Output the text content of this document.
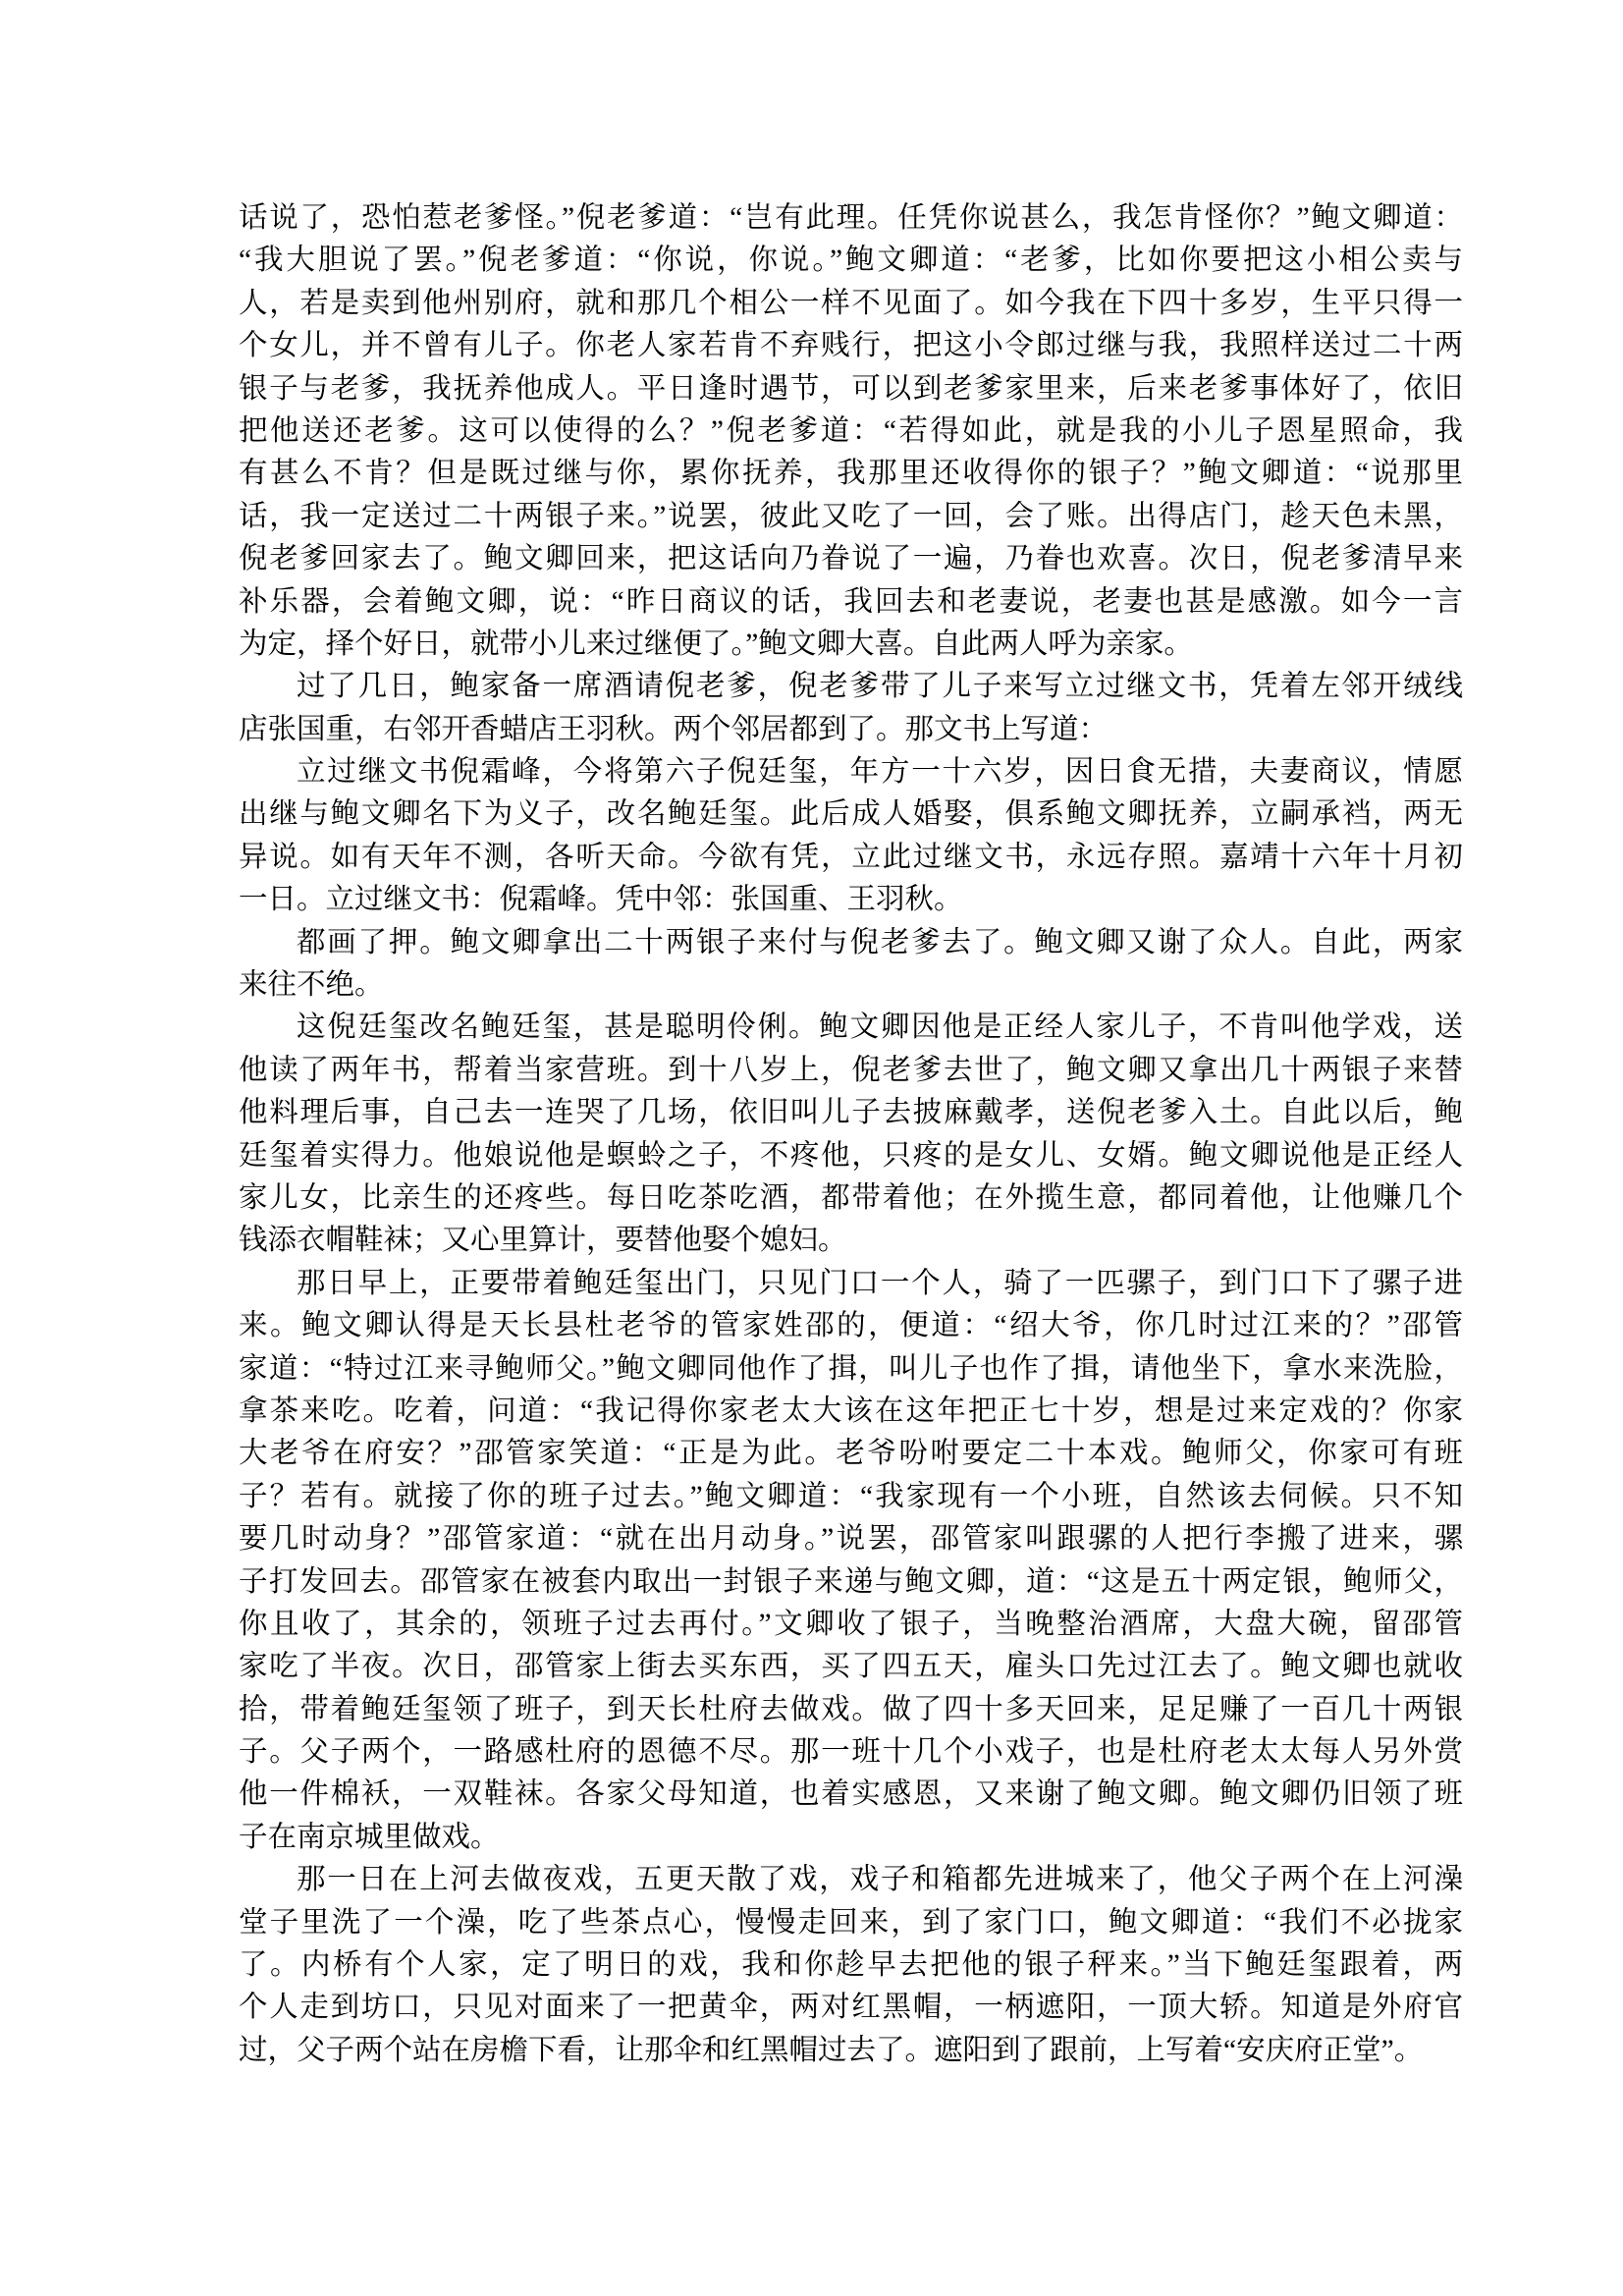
话说了，恐怕惹老爹怪。”倪老爹道：“岂有此理。任凭你说甚么，我怎肯怪你？”鲍文卿道：
“我大胆说了罢。”倪老爹道：“你说，你说。”鲍文卿道：“老爹，比如你要把这小相公卖与
人，若是卖到他州别府，就和那几个相公一样不见面了。如今我在下四十多岁，生平只得一
个女儿，并不曾有儿子。你老人家若肯不弃贱行，把这小令郎过继与我，我照样送过二十两
银子与老爹，我抚养他成人。平日逢时遇节，可以到老爹家里来，后来老爹事体好了，依旧
把他送还老爹。这可以使得的么？”倪老爹道：“若得如此，就是我的小儿子恩星照命，我
有甚么不肯？但是既过继与你，累你抚养，我那里还收得你的银子？”鲍文卿道：“说那里
话，我一定送过二十两银子来。”说罢，彼此又吃了一回，会了账。出得店门，趁天色未黑，
倪老爹回家去了。鲍文卿回来，把这话向乃眷说了一遍，乃眷也欢喜。次日，倪老爹清早来
补乐器，会着鲍文卿，说：“昨日商议的话，我回去和老妻说，老妻也甚是感激。如今一言
为定，择个好日，就带小儿来过继便了。”鲍文卿大喜。自此两人呼为亲家。
过了几日，鲍家备一席酒请倪老爹，倪老爹带了儿子来写立过继文书，凭着左邻开绒线
店张国重，右邻开香蜡店王羽秋。两个邻居都到了。那文书上写道：
立过继文书倪霜峰，今将第六子倪廷玺，年方一十六岁，因日食无措，夫妻商议，情愿
出继与鲍文卿名下为义子，改名鲍廷玺。此后成人婚娶，俱系鲍文卿抚养，立嗣承裆，两无
异说。如有天年不测，各听天命。今欲有凭，立此过继文书，永远存照。嘉靖十六年十月初
一日。立过继文书：倪霜峰。凭中邻：张国重、王羽秋。
都画了押。鲍文卿拿出二十两银子来付与倪老爹去了。鲍文卿又谢了众人。自此，两家
来往不绝。
这倪廷玺改名鲍廷玺，甚是聪明伶俐。鲍文卿因他是正经人家儿子，不肯叫他学戏，送
他读了两年书，帮着当家营班。到十八岁上，倪老爹去世了，鲍文卿又拿出几十两银子来替
他料理后事，自己去一连哭了几场，依旧叫儿子去披麻戴孝，送倪老爹入土。自此以后，鲍
廷玺着实得力。他娘说他是螟蛉之子，不疼他，只疼的是女儿、女婿。鲍文卿说他是正经人
家儿女，比亲生的还疼些。每日吃茶吃酒，都带着他；在外揽生意，都同着他，让他赚几个
钱添衣帽鞋袜；又心里算计，要替他娶个媳妇。
那日早上，正要带着鲍廷玺出门，只见门口一个人，骑了一匹骡子，到门口下了骡子进
来。鲍文卿认得是天长县杜老爷的管家姓邵的，便道：“绍大爷，你几时过江来的？”邵管
家道：“特过江来寻鲍师父。”鲍文卿同他作了揖，叫儿子也作了揖，请他坐下，拿水来洗脸，
拿茶来吃。吃着，问道：“我记得你家老太大该在这年把正七十岁，想是过来定戏的？你家
大老爷在府安？”邵管家笑道：“正是为此。老爷吩咐要定二十本戏。鲍师父，你家可有班
子？若有。就接了你的班子过去。”鲍文卿道：“我家现有一个小班，自然该去伺候。只不知
要几时动身？”邵管家道：“就在出月动身。”说罢，邵管家叫跟骡的人把行李搬了进来，骡
子打发回去。邵管家在被套内取出一封银子来递与鲍文卿，道：“这是五十两定银，鲍师父，
你且收了，其余的，领班子过去再付。”文卿收了银子，当晚整治酒席，大盘大碗，留邵管
家吃了半夜。次日，邵管家上街去买东西，买了四五天，雇头口先过江去了。鲍文卿也就收
拾，带着鲍廷玺领了班子，到天长杜府去做戏。做了四十多天回来，足足赚了一百几十两银
子。父子两个，一路感杜府的恩德不尽。那一班十几个小戏子，也是杜府老太太每人另外赏
他一件棉袄，一双鞋袜。各家父母知道，也着实感恩，又来谢了鲍文卿。鲍文卿仍旧领了班
子在南京城里做戏。
那一日在上河去做夜戏，五更天散了戏，戏子和箱都先进城来了，他父子两个在上河澡
堂子里洗了一个澡，吃了些茶点心，慢慢走回来，到了家门口，鲍文卿道：“我们不必拢家
了。内桥有个人家，定了明日的戏，我和你趁早去把他的银子秤来。”当下鲍廷玺跟着，两
个人走到坊口，只见对面来了一把黄伞，两对红黑帽，一柄遮阳，一顶大轿。知道是外府官
过，父子两个站在房檐下看，让那伞和红黑帽过去了。遮阳到了跟前，上写着“安庆府正堂”。
